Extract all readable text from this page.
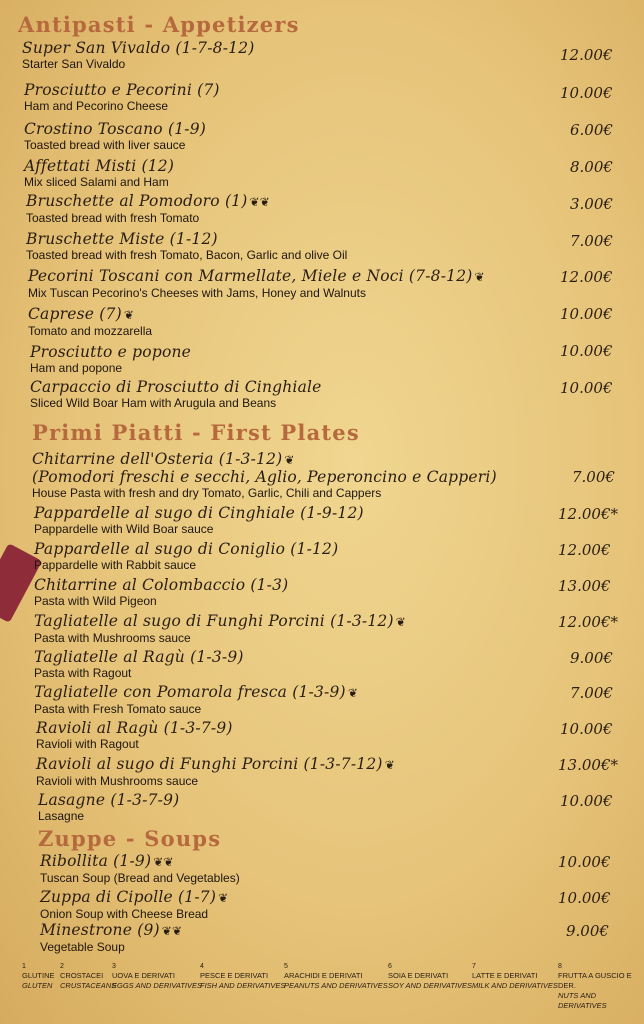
Antipasti - Appetizers
Super San Vivaldo (1-7-8-12)
Starter San Vivaldo	12.00€
Prosciutto e Pecorini (7)
Ham and Pecorino Cheese
10.00€
Crostino Toscano (1-9)
Toasted bread with liver sauce
6.00€
Affettati Misti (12)
Mix sliced Salami and Ham
8.00€
Bruschette al Pomodoro (1) ❦❦
Toasted bread with fresh Tomato
3.00€
Bruschette Miste (1-12)
Toasted bread with fresh Tomato, Bacon, Garlic and olive Oil
7.00€
Pecorini Toscani con Marmellate, Miele e Noci (7-8-12) ❦
Mix Tuscan Pecorino's Cheeses with Jams, Honey and Walnuts
12.00€
Caprese (7) ❦
Tomato and mozzarella
10.00€
Prosciutto e popone
Ham and popone
10.00€
Carpaccio di Prosciutto di Cinghiale
Sliced Wild Boar Ham with Arugula and Beans
10.00€
Primi Piatti - First Plates
Chitarrine dell'Osteria (1-3-12) ❦
(Pomodori freschi e secchi, Aglio, Peperoncino e Capperi)
House Pasta with fresh and dry Tomato, Garlic, Chili and Cappers
7.00€
Pappardelle al sugo di Cinghiale (1-9-12)
Pappardelle with Wild Boar sauce
12.00€*
Pappardelle al sugo di Coniglio (1-12)
Pappardelle with Rabbit sauce
12.00€
Chitarrine al Colombaccio (1-3)
Pasta with Wild Pigeon
13.00€
Tagliatelle al sugo di Funghi Porcini (1-3-12) ❦
Pasta with Mushrooms sauce
12.00€*
Tagliatelle al Ragù (1-3-9)
Pasta with Ragout
9.00€
Tagliatelle con Pomarola fresca (1-3-9) ❦
Pasta with Fresh Tomato sauce
7.00€
Ravioli al Ragù (1-3-7-9)
Ravioli with Ragout
10.00€
Ravioli al sugo di Funghi Porcini (1-3-7-12) ❦
Ravioli with Mushrooms sauce
13.00€*
Lasagne (1-3-7-9)
Lasagne
10.00€
Zuppe - Soups
Ribollita (1-9) ❦❦
Tuscan Soup (Bread and Vegetables)
10.00€
Zuppa di Cipolle (1-7) ❦
Onion Soup with Cheese Bread
10.00€
Minestrone (9) ❦❦
Vegetable Soup
9.00€
1
GLUTINE
GLUTEN
2
CROSTACEI
CRUSTACEANS
3
UOVA E DERIVATI
EGGS AND DERIVATIVES
4
PESCE E DERIVATI
FISH AND DERIVATIVES
5
ARACHIDI E DERIVATI
PEANUTS AND DERIVATIVES
6
SOIA E DERIVATI
SOY AND DERIVATIVES
7
LATTE E DERIVATI
MILK AND DERIVATIVES
8
FRUTTA A GUSCIO E DER.
NUTS AND DERIVATIVES
